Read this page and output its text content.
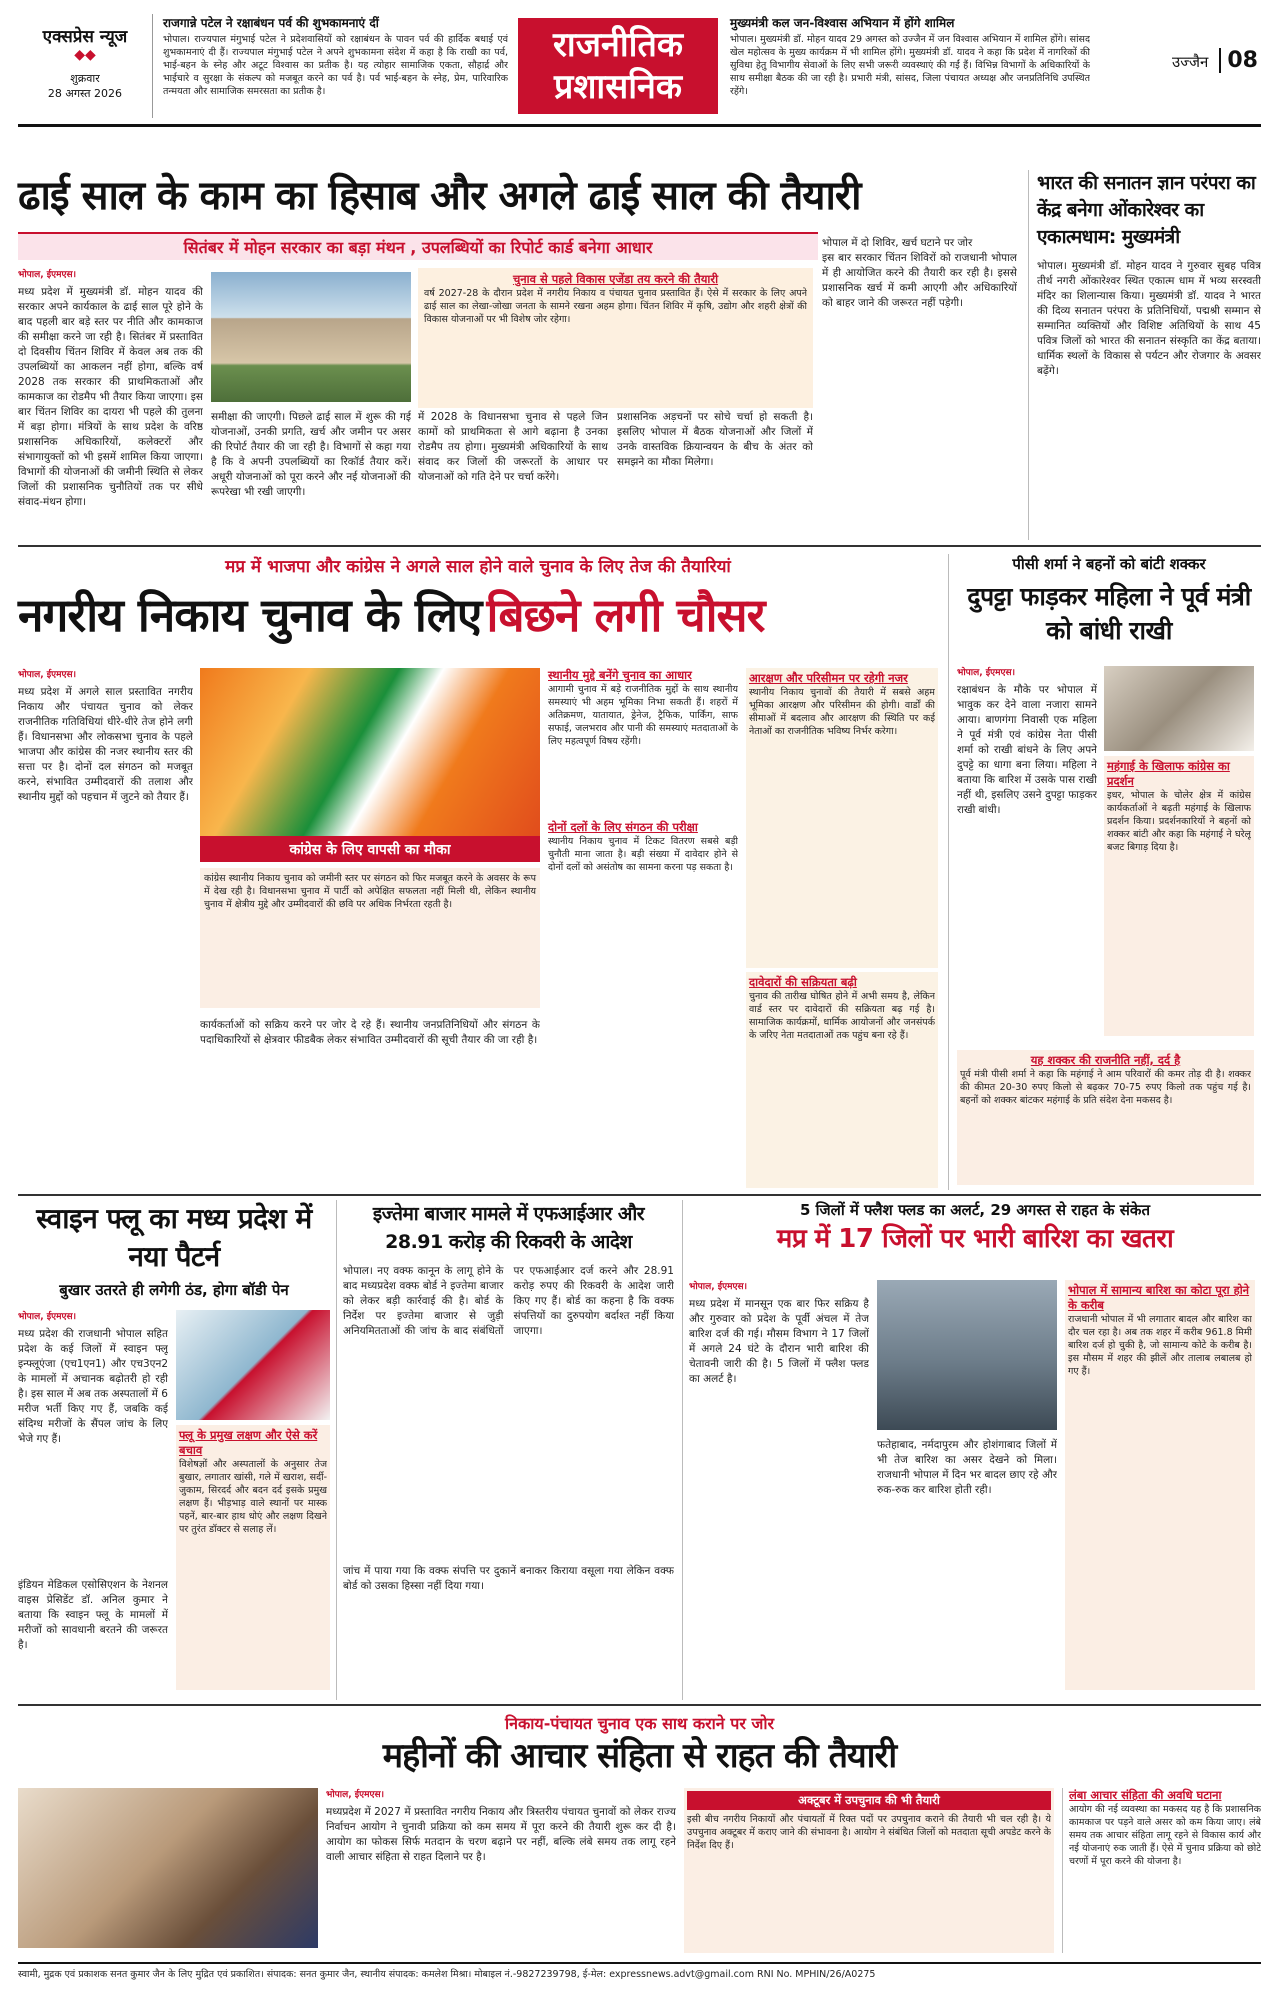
एक्सप्रेस न्यूज
◆◆
शुक्रवार
28 अगस्त 2026
राजगान्ने पटेल ने रक्षाबंधन पर्व की शुभकामनाएं दीं
भोपाल। राज्यपाल मंगुभाई पटेल ने प्रदेशवासियों को रक्षाबंधन के पावन पर्व की हार्दिक बधाई एवं शुभकामनाएं दी हैं। राज्यपाल मंगुभाई पटेल ने अपने शुभकामना संदेश में कहा है कि राखी का पर्व, भाई-बहन के स्नेह और अटूट विश्वास का प्रतीक है। यह त्योहार सामाजिक एकता, सौहार्द्र और भाईचारे व सुरक्षा के संकल्प को मजबूत करने का पर्व है। पर्व भाई-बहन के स्नेह, प्रेम, पारिवारिक तन्मयता और सामाजिक समरसता का प्रतीक है।
राजनीतिक प्रशासनिक
मुख्यमंत्री कल जन-विश्वास अभियान में होंगे शामिल
भोपाल। मुख्यमंत्री डॉ. मोहन यादव 29 अगस्त को उज्जैन में जन विश्वास अभियान में शामिल होंगे। सांसद खेल महोत्सव के मुख्य कार्यक्रम में भी शामिल होंगे। मुख्यमंत्री डॉ. यादव ने कहा कि प्रदेश में नागरिकों की सुविधा हेतु विभागीय सेवाओं के लिए सभी जरूरी व्यवस्थाएं की गईं हैं। विभिन्न विभागों के अधिकारियों के साथ समीक्षा बैठक की जा रही है। प्रभारी मंत्री, सांसद, जिला पंचायत अध्यक्ष और जनप्रतिनिधि उपस्थित रहेंगे।
उज्जैन 08
ढाई साल के काम का हिसाब और अगले ढाई साल की तैयारी
सितंबर में मोहन सरकार का बड़ा मंथन , उपलब्धियों का रिपोर्ट कार्ड बनेगा आधार
भोपाल, ईएमएस।
मध्य प्रदेश में मुख्यमंत्री डॉ. मोहन यादव की सरकार अपने कार्यकाल के ढाई साल पूरे होने के बाद पहली बार बड़े स्तर पर नीति और कामकाज की समीक्षा करने जा रही है। सितंबर में प्रस्तावित दो दिवसीय चिंतन शिविर में केवल अब तक की उपलब्धियों का आकलन नहीं होगा, बल्कि वर्ष 2028 तक सरकार की प्राथमिकताओं और कामकाज का रोडमैप भी तैयार किया जाएगा। इस बार चिंतन शिविर का दायरा भी पहले की तुलना में बड़ा होगा। मंत्रियों के साथ प्रदेश के वरिष्ठ प्रशासनिक अधिकारियों, कलेक्टरों और संभागायुक्तों को भी इसमें शामिल किया जाएगा। विभागों की योजनाओं की जमीनी स्थिति से लेकर जिलों की प्रशासनिक चुनौतियों तक पर सीधे संवाद-मंथन होगा।
चुनाव से पहले विकास एजेंडा तय करने की तैयारी
वर्ष 2027-28 के दौरान प्रदेश में नगरीय निकाय व पंचायत चुनाव प्रस्तावित हैं। ऐसे में सरकार के लिए अपने ढाई साल का लेखा-जोखा जनता के सामने रखना अहम होगा। चिंतन शिविर में कृषि, उद्योग और शहरी क्षेत्रों की विकास योजनाओं पर भी विशेष जोर रहेगा।
समीक्षा की जाएगी। पिछले ढाई साल में शुरू की गई योजनाओं, उनकी प्रगति, खर्च और जमीन पर असर की रिपोर्ट तैयार की जा रही है। विभागों से कहा गया है कि वे अपनी उपलब्धियों का रिकॉर्ड तैयार करें। अधूरी योजनाओं को पूरा करने और नई योजनाओं की रूपरेखा भी रखी जाएगी।
में 2028 के विधानसभा चुनाव से पहले जिन कामों को प्राथमिकता से आगे बढ़ाना है उनका रोडमैप तय होगा। मुख्यमंत्री अधिकारियों के साथ संवाद कर जिलों की जरूरतों के आधार पर योजनाओं को गति देने पर चर्चा करेंगे।
प्रशासनिक अड़चनों पर सोचे चर्चा हो सकती है। इसलिए भोपाल में बैठक योजनाओं और जिलों में उनके वास्तविक क्रियान्वयन के बीच के अंतर को समझने का मौका मिलेगा।
भोपाल में दो शिविर, खर्च घटाने पर जोर
इस बार सरकार चिंतन शिविरों को राजधानी भोपाल में ही आयोजित करने की तैयारी कर रही है। इससे प्रशासनिक खर्च में कमी आएगी और अधिकारियों को बाहर जाने की जरूरत नहीं पड़ेगी।
भारत की सनातन ज्ञान परंपरा का केंद्र बनेगा ओंकारेश्वर का एकात्मधाम: मुख्यमंत्री
भोपाल। मुख्यमंत्री डॉ. मोहन यादव ने गुरुवार सुबह पवित्र तीर्थ नगरी ओंकारेश्वर स्थित एकात्म धाम में भव्य सरस्वती मंदिर का शिलान्यास किया। मुख्यमंत्री डॉ. यादव ने भारत की दिव्य सनातन परंपरा के प्रतिनिधियों, पद्मश्री सम्मान से सम्मानित व्यक्तियों और विशिष्ट अतिथियों के साथ 45 पवित्र जिलों को भारत की सनातन संस्कृति का केंद्र बताया। धार्मिक स्थलों के विकास से पर्यटन और रोजगार के अवसर बढ़ेंगे।
मप्र में भाजपा और कांग्रेस ने अगले साल होने वाले चुनाव के लिए तेज की तैयारियां
नगरीय निकाय चुनाव के लिए बिछने लगी चौसर
भोपाल, ईएमएस।
मध्य प्रदेश में अगले साल प्रस्तावित नगरीय निकाय और पंचायत चुनाव को लेकर राजनीतिक गतिविधियां धीरे-धीरे तेज होने लगी हैं। विधानसभा और लोकसभा चुनाव के पहले भाजपा और कांग्रेस की नजर स्थानीय स्तर की सत्ता पर है। दोनों दल संगठन को मजबूत करने, संभावित उम्मीदवारों की तलाश और स्थानीय मुद्दों को पहचान में जुटने को तैयार हैं।
कांग्रेस के लिए वापसी का मौका
कांग्रेस स्थानीय निकाय चुनाव को जमीनी स्तर पर संगठन को फिर मजबूत करने के अवसर के रूप में देख रही है। विधानसभा चुनाव में पार्टी को अपेक्षित सफलता नहीं मिली थी, लेकिन स्थानीय चुनाव में क्षेत्रीय मुद्दे और उम्मीदवारों की छवि पर अधिक निर्भरता रहती है।
कार्यकर्ताओं को सक्रिय करने पर जोर दे रहे हैं। स्थानीय जनप्रतिनिधियों और संगठन के पदाधिकारियों से क्षेत्रवार फीडबैक लेकर संभावित उम्मीदवारों की सूची तैयार की जा रही है।
स्थानीय मुद्दे बनेंगे चुनाव का आधार
आगामी चुनाव में बड़े राजनीतिक मुद्दों के साथ स्थानीय समस्याएं भी अहम भूमिका निभा सकती हैं। शहरों में अतिक्रमण, यातायात, ड्रेनेज, ट्रैफिक, पार्किंग, साफ सफाई, जलभराव और पानी की समस्याएं मतदाताओं के लिए महत्वपूर्ण विषय रहेंगी।
दोनों दलों के लिए संगठन की परीक्षा
स्थानीय निकाय चुनाव में टिकट वितरण सबसे बड़ी चुनौती माना जाता है। बड़ी संख्या में दावेदार होने से दोनों दलों को असंतोष का सामना करना पड़ सकता है।
आरक्षण और परिसीमन पर रहेगी नजर
स्थानीय निकाय चुनावों की तैयारी में सबसे अहम भूमिका आरक्षण और परिसीमन की होगी। वार्डों की सीमाओं में बदलाव और आरक्षण की स्थिति पर कई नेताओं का राजनीतिक भविष्य निर्भर करेगा।
दावेदारों की सक्रियता बढ़ी
चुनाव की तारीख घोषित होने में अभी समय है, लेकिन वार्ड स्तर पर दावेदारों की सक्रियता बढ़ गई है। सामाजिक कार्यक्रमों, धार्मिक आयोजनों और जनसंपर्क के जरिए नेता मतदाताओं तक पहुंच बना रहे हैं।
पीसी शर्मा ने बहनों को बांटी शक्कर
दुपट्टा फाड़कर महिला ने पूर्व मंत्री को बांधी राखी
भोपाल, ईएमएस।
रक्षाबंधन के मौके पर भोपाल में भावुक कर देने वाला नजारा सामने आया। बाणगंगा निवासी एक महिला ने पूर्व मंत्री एवं कांग्रेस नेता पीसी शर्मा को राखी बांधने के लिए अपने दुपट्टे का धागा बना लिया। महिला ने बताया कि बारिश में उसके पास राखी नहीं थी, इसलिए उसने दुपट्टा फाड़कर राखी बांधी।
महंगाई के खिलाफ कांग्रेस का प्रदर्शन
इधर, भोपाल के चोलेर क्षेत्र में कांग्रेस कार्यकर्ताओं ने बढ़ती महंगाई के खिलाफ प्रदर्शन किया। प्रदर्शनकारियों ने बहनों को शक्कर बांटी और कहा कि महंगाई ने घरेलू बजट बिगाड़ दिया है।
यह शक्कर की राजनीति नहीं, दर्द है
पूर्व मंत्री पीसी शर्मा ने कहा कि महंगाई ने आम परिवारों की कमर तोड़ दी है। शक्कर की कीमत 20-30 रुपए किलो से बढ़कर 70-75 रुपए किलो तक पहुंच गई है। बहनों को शक्कर बांटकर महंगाई के प्रति संदेश देना मकसद है।
स्वाइन फ्लू का मध्य प्रदेश में नया पैटर्न
बुखार उतरते ही लगेगी ठंड, होगा बॉडी पेन
भोपाल, ईएमएस।
मध्य प्रदेश की राजधानी भोपाल सहित प्रदेश के कई जिलों में स्वाइन फ्लू इन्फ्लूएंजा (एच1एन1) और एच3एन2 के मामलों में अचानक बढ़ोतरी हो रही है। इस साल में अब तक अस्पतालों में 6 मरीज भर्ती किए गए हैं, जबकि कई संदिग्ध मरीजों के सैंपल जांच के लिए भेजे गए हैं।	फ्लू के प्रमुख लक्षण और ऐसे करें बचाव
विशेषज्ञों और अस्पतालों के अनुसार तेज बुखार, लगातार खांसी, गले में खराश, सर्दी-जुकाम, सिरदर्द और बदन दर्द इसके प्रमुख लक्षण हैं। भीड़भाड़ वाले स्थानों पर मास्क पहनें, बार-बार हाथ धोएं और लक्षण दिखने पर तुरंत डॉक्टर से सलाह लें।
इंडियन मेडिकल एसोसिएशन के नेशनल वाइस प्रेसिडेंट डॉ. अनिल कुमार ने बताया कि स्वाइन फ्लू के मामलों में मरीजों को सावधानी बरतने की जरूरत है।
इज्तेमा बाजार मामले में एफआईआर और 28.91 करोड़ की रिकवरी के आदेश
भोपाल। नए वक्फ कानून के लागू होने के बाद मध्यप्रदेश वक्फ बोर्ड ने इज्तेमा बाजार को लेकर बड़ी कार्रवाई की है। बोर्ड के निर्देश पर इज्तेमा बाजार से जुड़ी अनियमितताओं की जांच के बाद संबंधितों पर एफआईआर दर्ज करने और 28.91 करोड़ रुपए की रिकवरी के आदेश जारी किए गए हैं। बोर्ड का कहना है कि वक्फ संपत्तियों का दुरुपयोग बर्दाश्त नहीं किया जाएगा।
जांच में पाया गया कि वक्फ संपत्ति पर दुकानें बनाकर किराया वसूला गया लेकिन वक्फ बोर्ड को उसका हिस्सा नहीं दिया गया।
5 जिलों में फ्लैश फ्लड का अलर्ट, 29 अगस्त से राहत के संकेत
मप्र में 17 जिलों पर भारी बारिश का खतरा
भोपाल, ईएमएस।
मध्य प्रदेश में मानसून एक बार फिर सक्रिय है और गुरुवार को प्रदेश के पूर्वी अंचल में तेज बारिश दर्ज की गई। मौसम विभाग ने 17 जिलों में अगले 24 घंटे के दौरान भारी बारिश की चेतावनी जारी की है। 5 जिलों में फ्लैश फ्लड का अलर्ट है।
फतेहाबाद, नर्मदापुरम और होशंगाबाद जिलों में भी तेज बारिश का असर देखने को मिला। राजधानी भोपाल में दिन भर बादल छाए रहे और रुक-रुक कर बारिश होती रही।
भोपाल में सामान्य बारिश का कोटा पूरा होने के करीब
राजधानी भोपाल में भी लगातार बादल और बारिश का दौर चल रहा है। अब तक शहर में करीब 961.8 मिमी बारिश दर्ज हो चुकी है, जो सामान्य कोटे के करीब है। इस मौसम में शहर की झीलें और तालाब लबालब हो गए हैं।
निकाय-पंचायत चुनाव एक साथ कराने पर जोर
महीनों की आचार संहिता से राहत की तैयारी
भोपाल, ईएमएस।
मध्यप्रदेश में 2027 में प्रस्तावित नगरीय निकाय और त्रिस्तरीय पंचायत चुनावों को लेकर राज्य निर्वाचन आयोग ने चुनावी प्रक्रिया को कम समय में पूरा करने की तैयारी शुरू कर दी है। आयोग का फोकस सिर्फ मतदान के चरण बढ़ाने पर नहीं, बल्कि लंबे समय तक लागू रहने वाली आचार संहिता से राहत दिलाने पर है।
अक्टूबर में उपचुनाव की भी तैयारी
इसी बीच नगरीय निकायों और पंचायतों में रिक्त पदों पर उपचुनाव कराने की तैयारी भी चल रही है। ये उपचुनाव अक्टूबर में कराए जाने की संभावना है। आयोग ने संबंधित जिलों को मतदाता सूची अपडेट करने के निर्देश दिए हैं।
लंबा आचार संहिता की अवधि घटाना
आयोग की नई व्यवस्था का मकसद यह है कि प्रशासनिक कामकाज पर पड़ने वाले असर को कम किया जाए। लंबे समय तक आचार संहिता लागू रहने से विकास कार्य और नई योजनाएं रुक जाती हैं। ऐसे में चुनाव प्रक्रिया को छोटे चरणों में पूरा करने की योजना है।
स्वामी, मुद्रक एवं प्रकाशक सनत कुमार जैन के लिए मुद्रित एवं प्रकाशित। संपादक: सनत कुमार जैन, स्थानीय संपादक: कमलेश मिश्रा। मोबाइल नं.-9827239798, ई-मेल: expressnews.advt@gmail.com RNI No. MPHIN/26/A0275
